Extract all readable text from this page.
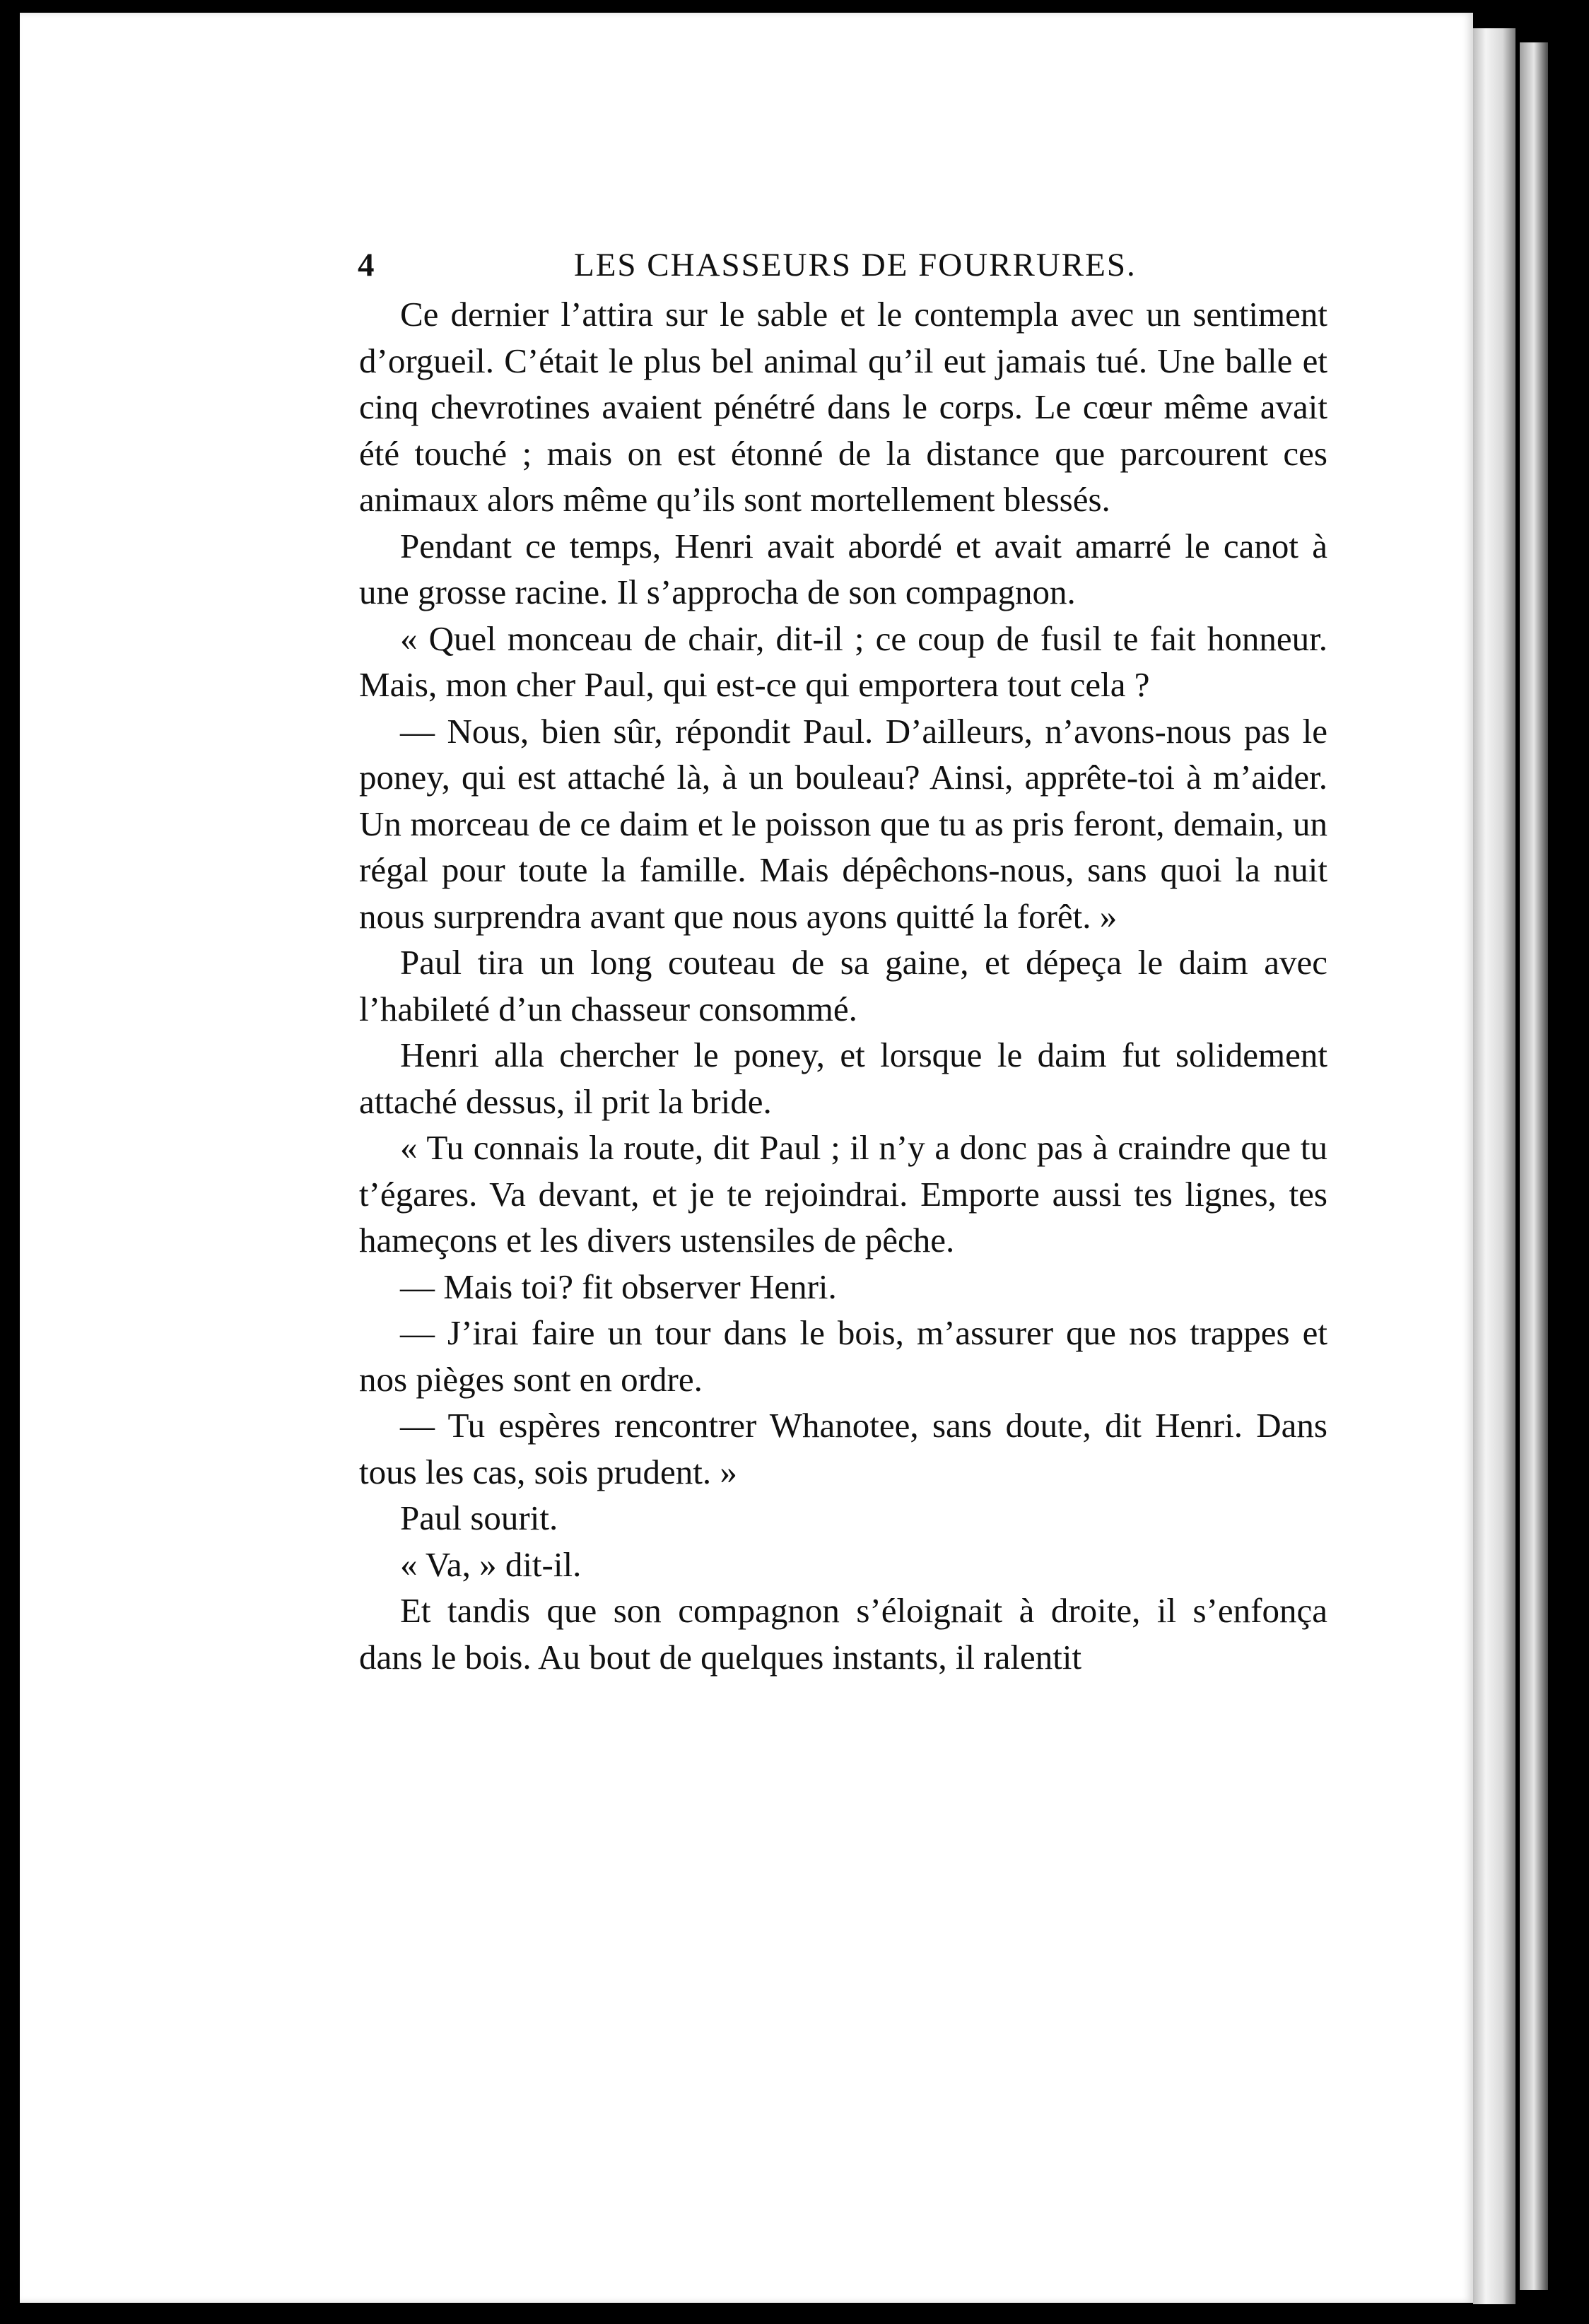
4	LES CHASSEURS DE FOURRURES.

Ce dernier l’attira sur le sable et le contempla avec un sentiment d’orgueil. C’était le plus bel animal qu’il eut jamais tué. Une balle et cinq chevrotines avaient pénétré dans le corps. Le cœur même avait été touché ; mais on est étonné de la distance que parcourent ces animaux alors même qu’ils sont mortellement blessés.

Pendant ce temps, Henri avait abordé et avait amarré le canot à une grosse racine. Il s’approcha de son compagnon.

« Quel monceau de chair, dit-il ; ce coup de fusil te fait honneur. Mais, mon cher Paul, qui est-ce qui emportera tout cela ?

— Nous, bien sûr, répondit Paul. D’ailleurs, n’avons-nous pas le poney, qui est attaché là, à un bouleau? Ainsi, apprête-toi à m’aider. Un morceau de ce daim et le poisson que tu as pris feront, demain, un régal pour toute la famille. Mais dépêchons-nous, sans quoi la nuit nous surprendra avant que nous ayons quitté la forêt. »

Paul tira un long couteau de sa gaine, et dépeça le daim avec l’habileté d’un chasseur consommé.

Henri alla chercher le poney, et lorsque le daim fut solidement attaché dessus, il prit la bride.

« Tu connais la route, dit Paul ; il n’y a donc pas à craindre que tu t’égares. Va devant, et je te rejoindrai. Emporte aussi tes lignes, tes hameçons et les divers ustensiles de pêche.

— Mais toi? fit observer Henri.

— J’irai faire un tour dans le bois, m’assurer que nos trappes et nos pièges sont en ordre.

— Tu espères rencontrer Whanotee, sans doute, dit Henri. Dans tous les cas, sois prudent. »

Paul sourit.

« Va, » dit-il.

Et tandis que son compagnon s’éloignait à droite, il s’enfonça dans le bois. Au bout de quelques instants, il ralentit
